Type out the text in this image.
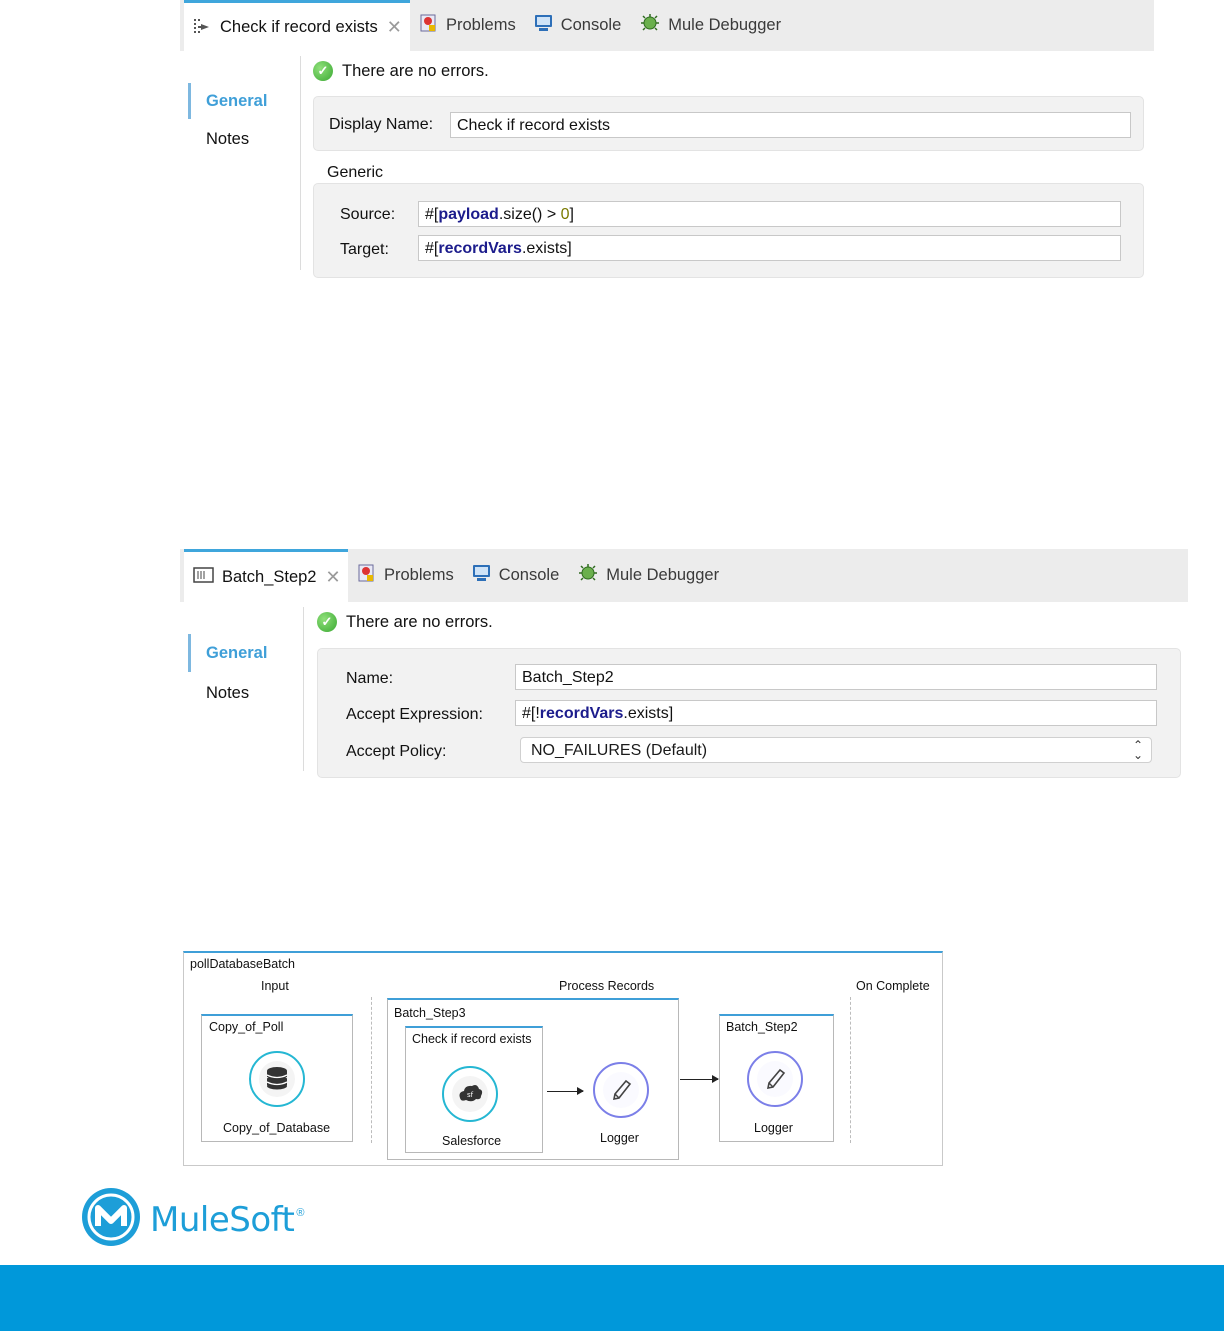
Check if record exists ✕	Problems	Console	Mule Debugger
General
Notes
✓ There are no errors.
Display Name:	Check if record exists
Generic
Source:	#[payload.size() > 0]
Target:	#[recordVars.exists]
Batch_Step2 ✕	Problems	Console	Mule Debugger
General
Notes
✓ There are no errors.
Name:	Batch_Step2
Accept Expression:	#[!recordVars.exists]
Accept Policy:	NO_FAILURES (Default)	⌃
⌄
pollDatabaseBatch
Input	Process Records	On Complete
Copy_of_Poll
Copy_of_Database
Batch_Step3
Check if record exists
sf
Salesforce	Logger
Batch_Step2
Logger
MuleSoft ®
